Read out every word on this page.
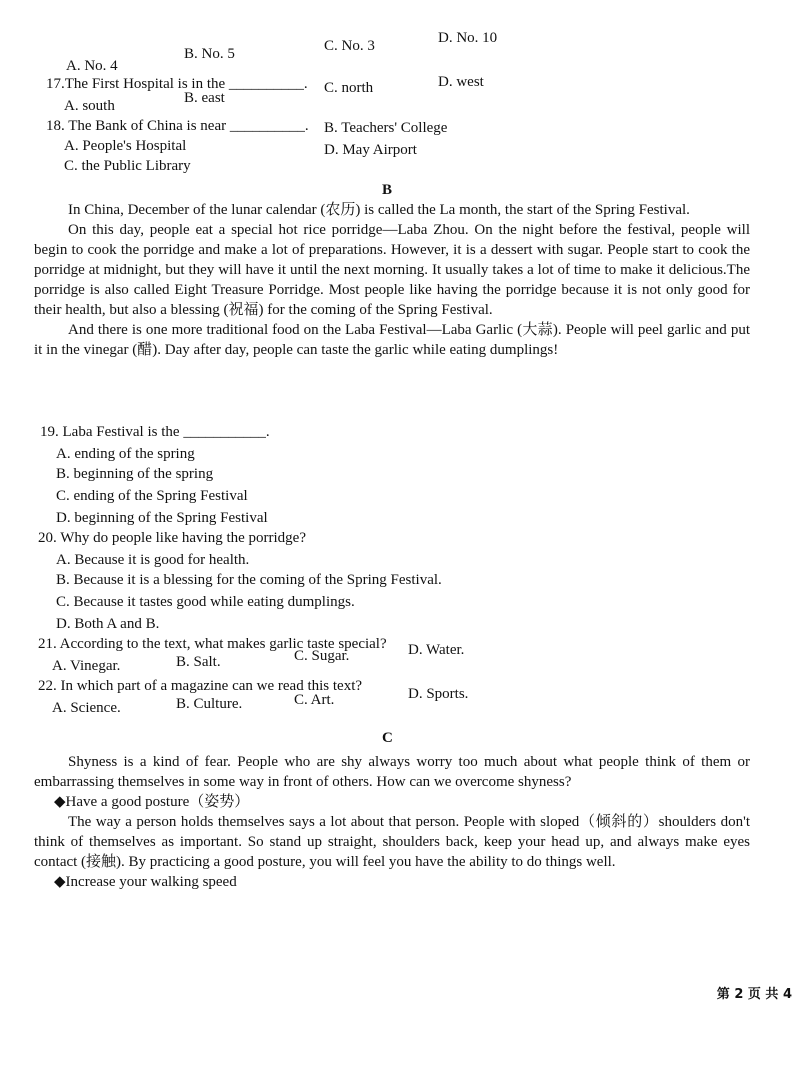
A. No. 4
B. No. 5	C. No. 3	D. No. 10
17.The First Hospital is in the __________. C. north	D. west
A. south	B. east
18. The Bank of China is near __________. B. Teachers' College
A. People's Hospital
C. the Public Library
D. May Airport
B

In China, December of the lunar calendar (农历) is called the La month, the start of the Spring Festival.

On this day, people eat a special hot rice porridge—Laba Zhou. On the night before the festival, people will begin to cook the porridge and make a lot of preparations. However, it is a dessert with sugar. People start to cook the porridge at midnight, but they will have it until the next morning. It usually takes a lot of time to make it delicious.The porridge is also called Eight Treasure Porridge. Most people like having the porridge because it is not only good for their health, but also a blessing (祝福) for the coming of the Spring Festival.

And there is one more traditional food on the Laba Festival—Laba Garlic (大蒜). People will peel garlic and put it in the vinegar (醋). Day after day, people can taste the garlic while eating dumplings!

19. Laba Festival is the ___________.
A. ending of the spring
B. beginning of the spring
C. ending of the Spring Festival
D. beginning of the Spring Festival
20. Why do people like having the porridge?
A. Because it is good for health.
B. Because it is a blessing for the coming of the Spring Festival.
C. Because it tastes good while eating dumplings.
D. Both A and B.
21. According to the text, what makes garlic taste special?
A. Vinegar.	B. Salt.	C. Sugar.	D. Water.
22. In which part of a magazine can we read this text?
A. Science.	B. Culture.	C. Art.	D. Sports.
C

Shyness is a kind of fear. People who are shy always worry too much about what people think of them or embarrassing themselves in some way in front of others. How can we overcome shyness?

◆Have a good posture（姿势）

The way a person holds themselves says a lot about that person. People with sloped（倾斜的）shoulders don't think of themselves as important. So stand up straight, shoulders back, keep your head up, and always make eyes contact (接触). By practicing a good posture, you will feel you have the ability to do things well.

◆Increase your walking speed
第 2 页 共 4
